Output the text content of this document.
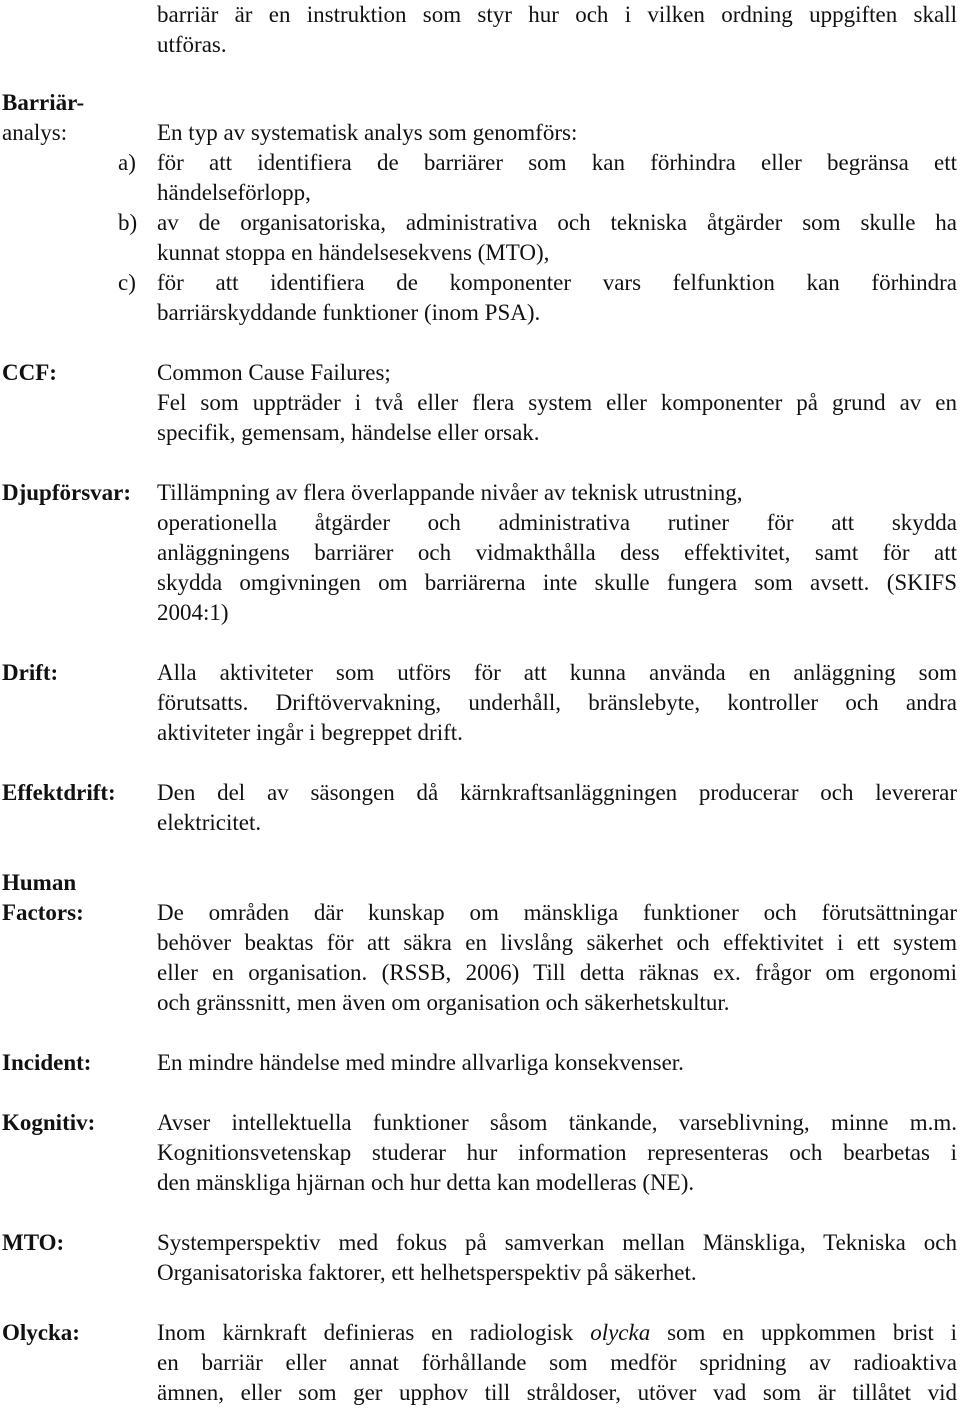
barriär är en instruktion som styr hur och i vilken ordning uppgiften skall
utföras.
Barriär-
analys:	En typ av systematisk analys som genomförs:
a) för att identifiera de barriärer som kan förhindra eller begränsa ett
händelseförlopp,
b) av de organisatoriska, administrativa och tekniska åtgärder som skulle ha
kunnat stoppa en händelsesekvens (MTO),
c) för att identifiera de komponenter vars felfunktion kan förhindra
barriärskyddande funktioner (inom PSA).
CCF:	Common Cause Failures;
Fel som uppträder i två eller flera system eller komponenter på grund av en
specifik, gemensam, händelse eller orsak.
Djupförsvar: Tillämpning av flera överlappande nivåer av teknisk utrustning,
operationella åtgärder och administrativa rutiner för att skydda
anläggningens barriärer och vidmakthålla dess effektivitet, samt för att
skydda omgivningen om barriärerna inte skulle fungera som avsett. (SKIFS
2004:1)
Drift:	Alla aktiviteter som utförs för att kunna använda en anläggning som
förutsatts. Driftövervakning, underhåll, bränslebyte, kontroller och andra
aktiviteter ingår i begreppet drift.
Effektdrift: Den del av säsongen då kärnkraftsanläggningen producerar och levererar
elektricitet.
Human
Factors:	De områden där kunskap om mänskliga funktioner och förutsättningar
behöver beaktas för att säkra en livslång säkerhet och effektivitet i ett system
eller en organisation. (RSSB, 2006) Till detta räknas ex. frågor om ergonomi
och gränssnitt, men även om organisation och säkerhetskultur.
Incident:	En mindre händelse med mindre allvarliga konsekvenser.
Kognitiv:	Avser intellektuella funktioner såsom tänkande, varseblivning, minne m.m.
Kognitionsvetenskap studerar hur information representeras och bearbetas i
den mänskliga hjärnan och hur detta kan modelleras (NE).
MTO:	Systemperspektiv med fokus på samverkan mellan Mänskliga, Tekniska och
Organisatoriska faktorer, ett helhetsperspektiv på säkerhet.
Olycka:	Inom kärnkraft definieras en radiologisk olycka som en uppkommen brist i
en barriär eller annat förhållande som medför spridning av radioaktiva
ämnen, eller som ger upphov till stråldoser, utöver vad som är tillåtet vid
